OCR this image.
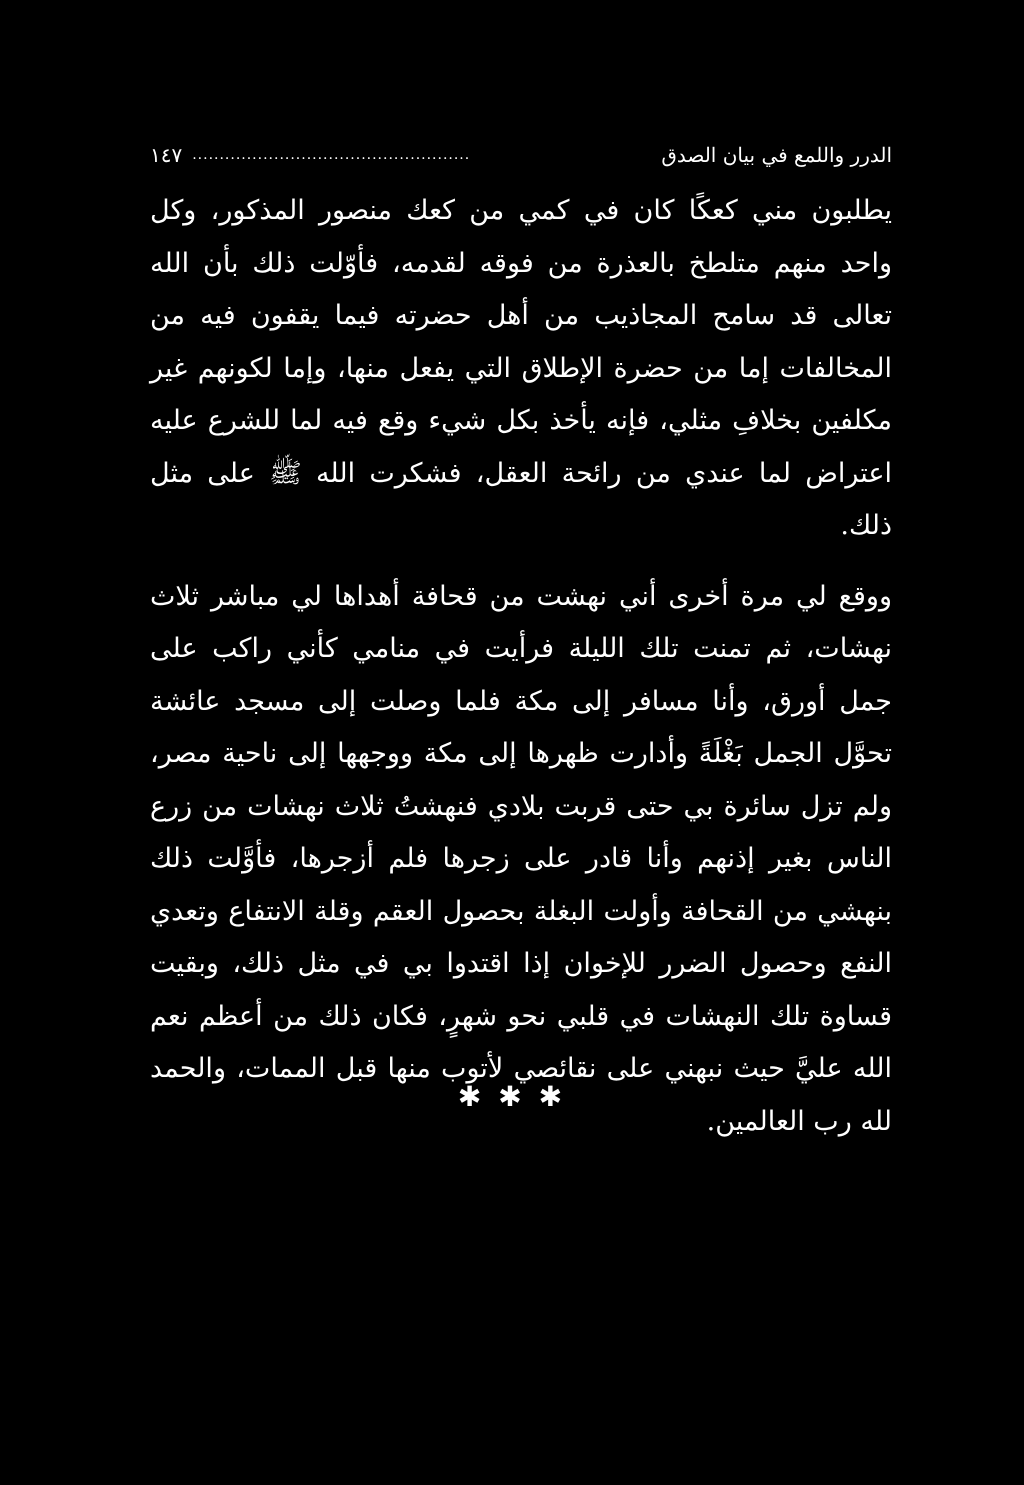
١٤٧ ...................................................	الدرر واللمع في بيان الصدق

يطلبون مني كعكًا كان في كمي من كعك منصور المذكور، وكل واحد منهم متلطخ بالعذرة من فوقه لقدمه، فأوّلت ذلك بأن الله تعالى قد سامح المجاذيب من أهل حضرته فيما يقفون فيه من المخالفات إما من حضرة الإطلاق التي يفعل منها، وإما لكونهم غير مكلفين بخلافِ مثلي، فإنه يأخذ بكل شيء وقع فيه لما للشرع عليه اعتراض لما عندي من رائحة العقل، فشكرت الله ﷺ على مثل ذلك.

ووقع لي مرة أخرى أني نهشت من قحافة أهداها لي مباشر ثلاث نهشات، ثم تمنت تلك الليلة فرأيت في منامي كأني راكب على جمل أورق، وأنا مسافر إلى مكة فلما وصلت إلى مسجد عائشة تحوَّل الجمل بَغْلَةً وأدارت ظهرها إلى مكة ووجهها إلى ناحية مصر، ولم تزل سائرة بي حتى قربت بلادي فنهشتُ ثلاث نهشات من زرع الناس بغير إذنهم وأنا قادر على زجرها فلم أزجرها، فأوَّلت ذلك بنهشي من القحافة وأولت البغلة بحصول العقم وقلة الانتفاع وتعدي النفع وحصول الضرر للإخوان إذا اقتدوا بي في مثل ذلك، وبقيت قساوة تلك النهشات في قلبي نحو شهرٍ، فكان ذلك من أعظم نعم الله عليَّ حيث نبهني على نقائصي لأتوب منها قبل الممات، والحمد لله رب العالمين.

✱ ✱ ✱
